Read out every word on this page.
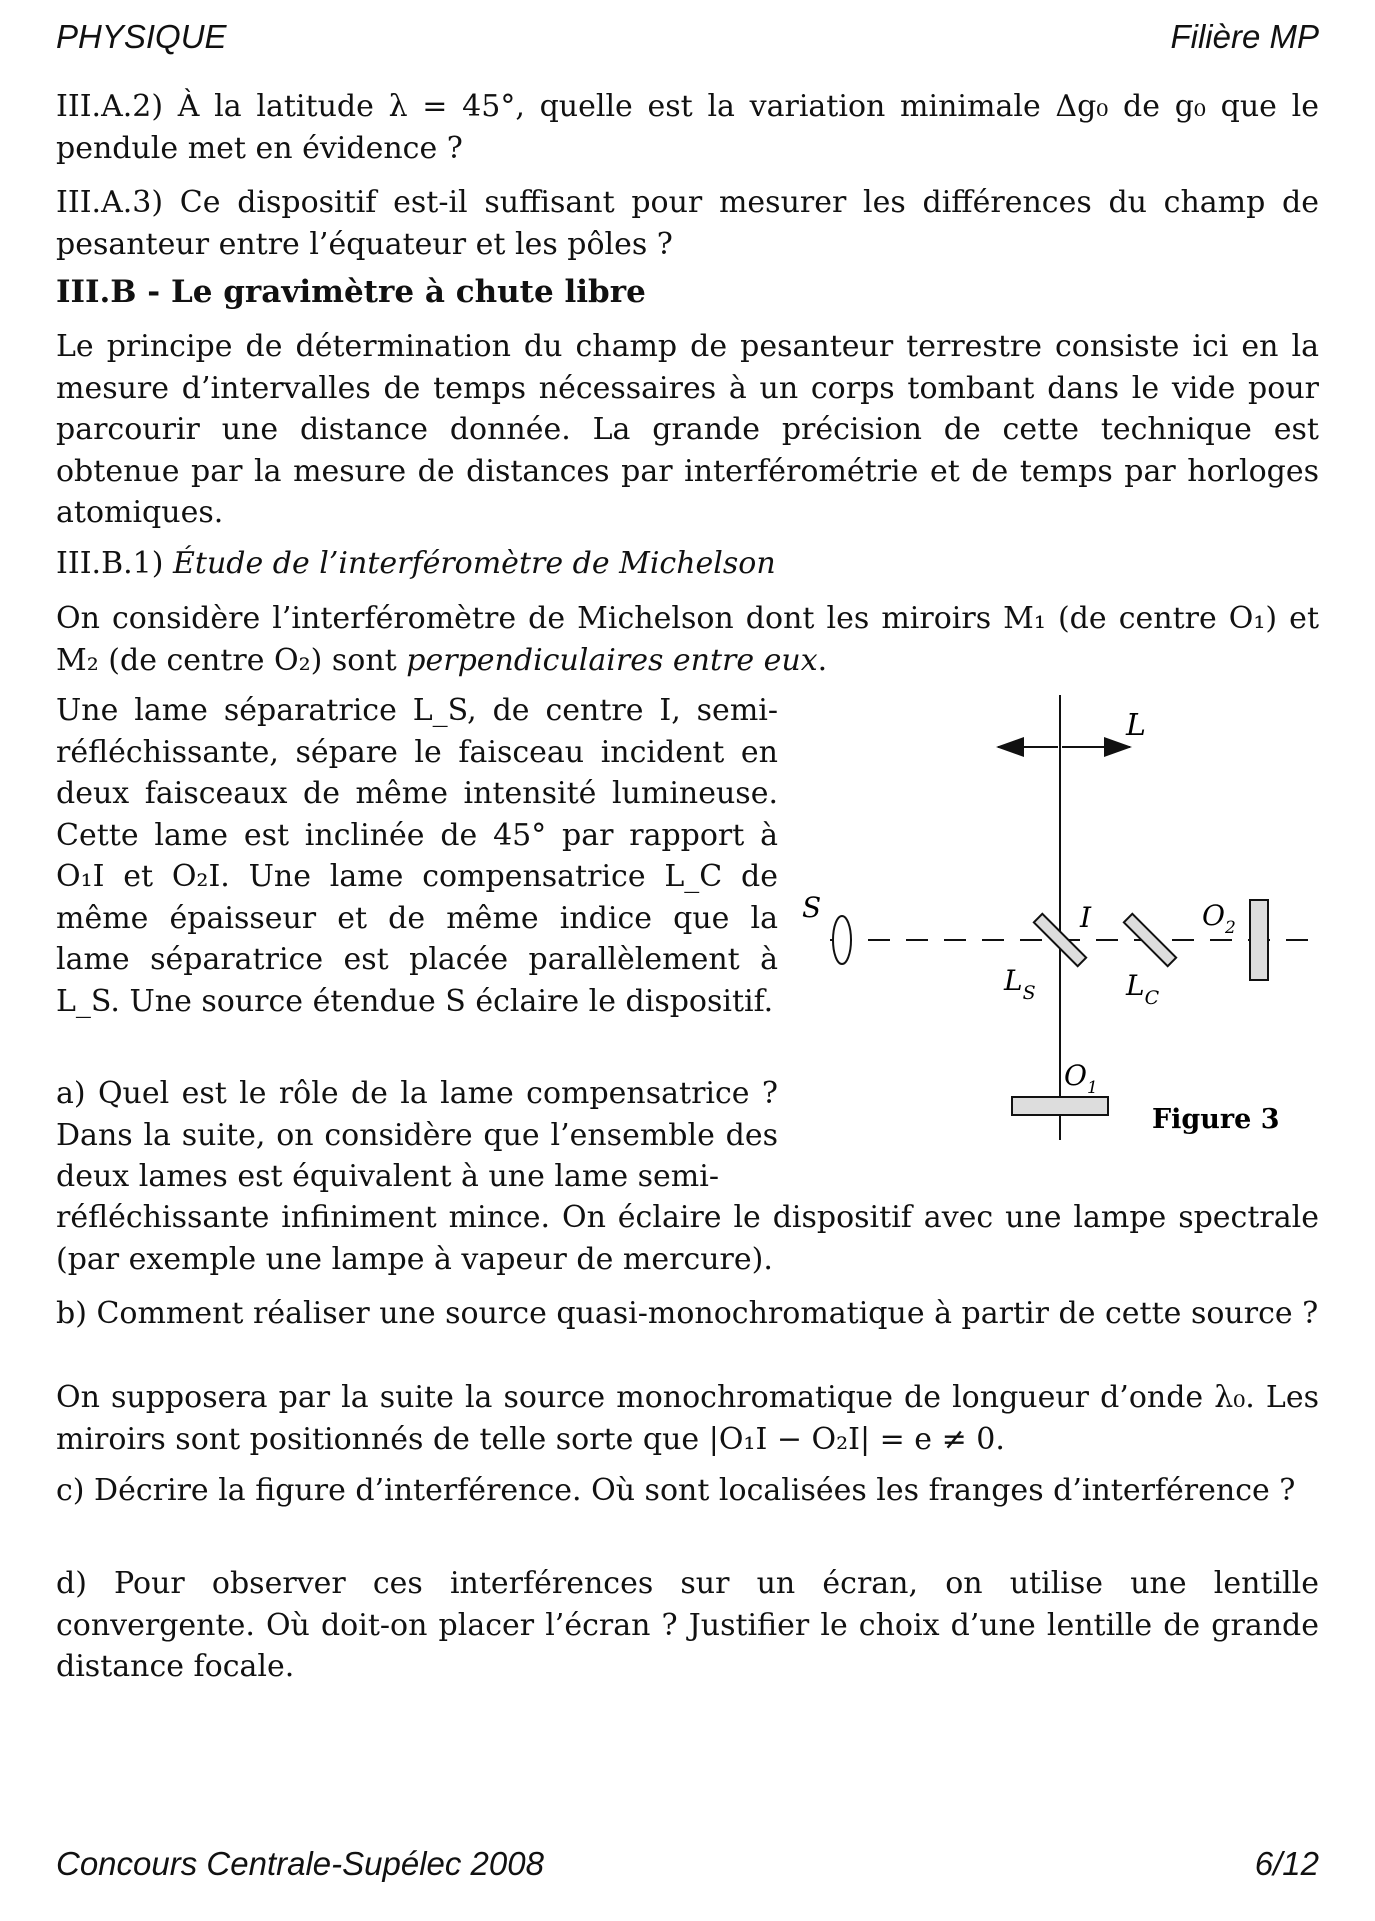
PHYSIQUE	Filière MP
III.A.2) À la latitude λ = 45°, quelle est la variation minimale Δg₀ de g₀ que le pendule met en évidence ?
III.A.3) Ce dispositif est-il suffisant pour mesurer les différences du champ de pesanteur entre l’équateur et les pôles ?
III.B - Le gravimètre à chute libre
Le principe de détermination du champ de pesanteur terrestre consiste ici en la mesure d’intervalles de temps nécessaires à un corps tombant dans le vide pour parcourir une distance donnée. La grande précision de cette technique est obtenue par la mesure de distances par interférométrie et de temps par horloges atomiques.
III.B.1) Étude de l’interféromètre de Michelson
On considère l’interféromètre de Michelson dont les miroirs M₁ (de centre O₁) et M₂ (de centre O₂) sont perpendiculaires entre eux.
Une lame séparatrice L_S, de centre I, semi-réfléchissante, sépare le faisceau incident en deux faisceaux de même intensité lumineuse. Cette lame est inclinée de 45° par rapport à O₁I et O₂I. Une lame compensatrice L_C de même épaisseur et de même indice que la lame séparatrice est placée parallèlement à L_S. Une source étendue S éclaire le dispositif.
a) Quel est le rôle de la lame compensatrice ? Dans la suite, on considère que l’ensemble des deux lames est équivalent à une lame semi-
réfléchissante infiniment mince. On éclaire le dispositif avec une lampe spectrale (par exemple une lampe à vapeur de mercure).
b) Comment réaliser une source quasi-monochromatique à partir de cette source ?
On supposera par la suite la source monochromatique de longueur d’onde λ₀. Les miroirs sont positionnés de telle sorte que |O₁I − O₂I| = e ≠ 0.
c) Décrire la figure d’interférence. Où sont localisées les franges d’interférence ?
d) Pour observer ces interférences sur un écran, on utilise une lentille convergente. Où doit-on placer l’écran ? Justifier le choix d’une lentille de grande distance focale.
L
S	I	$O_2$
$O_1$
$L_S$	$L_C$
Figure 3
Concours Centrale-Supélec 2008	6/12
